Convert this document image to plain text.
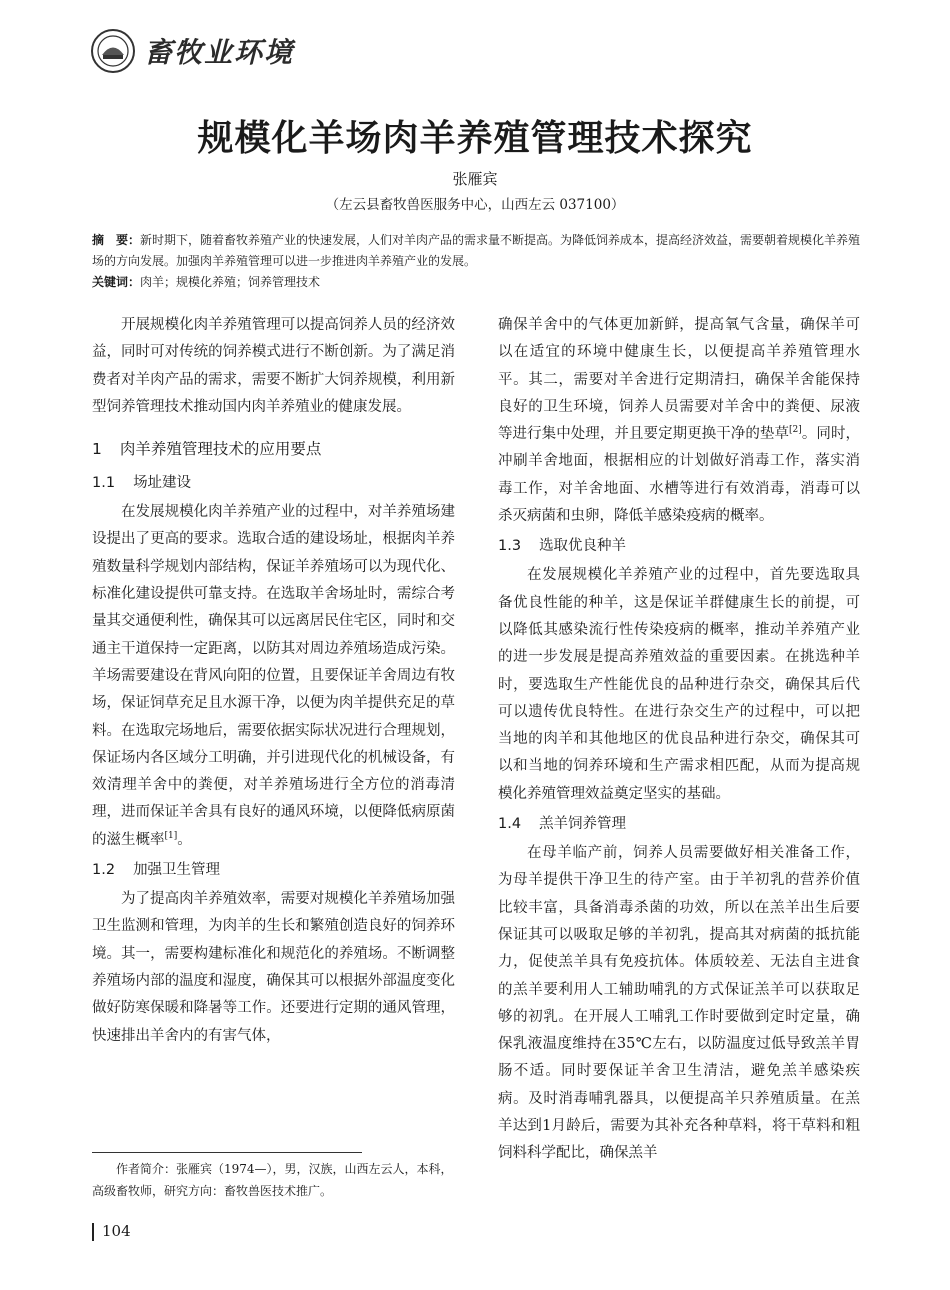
畜牧业环境
规模化羊场肉羊养殖管理技术探究
张雁宾
（左云县畜牧兽医服务中心，山西左云 037100）
摘　要：新时期下，随着畜牧养殖产业的快速发展，人们对羊肉产品的需求量不断提高。为降低饲养成本，提高经济效益，需要朝着规模化羊养殖场的方向发展。加强肉羊养殖管理可以进一步推进肉羊养殖产业的发展。
关键词：肉羊；规模化养殖；饲养管理技术

开展规模化肉羊养殖管理可以提高饲养人员的经济效益，同时可对传统的饲养模式进行不断创新。为了满足消费者对羊肉产品的需求，需要不断扩大饲养规模，利用新型饲养管理技术推动国内肉羊养殖业的健康发展。

1 肉羊养殖管理技术的应用要点
1.1 场址建设

在发展规模化肉羊养殖产业的过程中，对羊养殖场建设提出了更高的要求。选取合适的建设场址，根据肉羊养殖数量科学规划内部结构，保证羊养殖场可以为现代化、标准化建设提供可靠支持。在选取羊舍场址时，需综合考量其交通便利性，确保其可以远离居民住宅区，同时和交通主干道保持一定距离，以防其对周边养殖场造成污染。羊场需要建设在背风向阳的位置，且要保证羊舍周边有牧场，保证饲草充足且水源干净，以便为肉羊提供充足的草料。在选取完场地后，需要依据实际状况进行合理规划，保证场内各区域分工明确，并引进现代化的机械设备，有效清理羊舍中的粪便，对羊养殖场进行全方位的消毒清理，进而保证羊舍具有良好的通风环境，以便降低病原菌的滋生概率[1]。

1.2 加强卫生管理

为了提高肉羊养殖效率，需要对规模化羊养殖场加强卫生监测和管理，为肉羊的生长和繁殖创造良好的饲养环境。其一，需要构建标准化和规范化的养殖场。不断调整养殖场内部的温度和湿度，确保其可以根据外部温度变化做好防寒保暖和降暑等工作。还要进行定期的通风管理，快速排出羊舍内的有害气体，

确保羊舍中的气体更加新鲜，提高氧气含量，确保羊可以在适宜的环境中健康生长，以便提高羊养殖管理水平。其二，需要对羊舍进行定期清扫，确保羊舍能保持良好的卫生环境，饲养人员需要对羊舍中的粪便、尿液等进行集中处理，并且要定期更换干净的垫草[2]。同时，冲刷羊舍地面，根据相应的计划做好消毒工作，落实消毒工作，对羊舍地面、水槽等进行有效消毒，消毒可以杀灭病菌和虫卵，降低羊感染疫病的概率。

1.3 选取优良种羊

在发展规模化羊养殖产业的过程中，首先要选取具备优良性能的种羊，这是保证羊群健康生长的前提，可以降低其感染流行性传染疫病的概率，推动羊养殖产业的进一步发展是提高养殖效益的重要因素。在挑选种羊时，要选取生产性能优良的品种进行杂交，确保其后代可以遗传优良特性。在进行杂交生产的过程中，可以把当地的肉羊和其他地区的优良品种进行杂交，确保其可以和当地的饲养环境和生产需求相匹配，从而为提高规模化养殖管理效益奠定坚实的基础。

1.4 羔羊饲养管理

在母羊临产前，饲养人员需要做好相关准备工作，为母羊提供干净卫生的待产室。由于羊初乳的营养价值比较丰富，具备消毒杀菌的功效，所以在羔羊出生后要保证其可以吸取足够的羊初乳，提高其对病菌的抵抗能力，促使羔羊具有免疫抗体。体质较差、无法自主进食的羔羊要利用人工辅助哺乳的方式保证羔羊可以获取足够的初乳。在开展人工哺乳工作时要做到定时定量，确保乳液温度维持在35℃左右，以防温度过低导致羔羊胃肠不适。同时要保证羊舍卫生清洁，避免羔羊感染疾病。及时消毒哺乳器具，以便提高羊只养殖质量。在羔羊达到1月龄后，需要为其补充各种草料，将干草料和粗饲料科学配比，确保羔羊

作者简介：张雁宾（1974—），男，汉族，山西左云人，本科，高级畜牧师，研究方向：畜牧兽医技术推广。
104
